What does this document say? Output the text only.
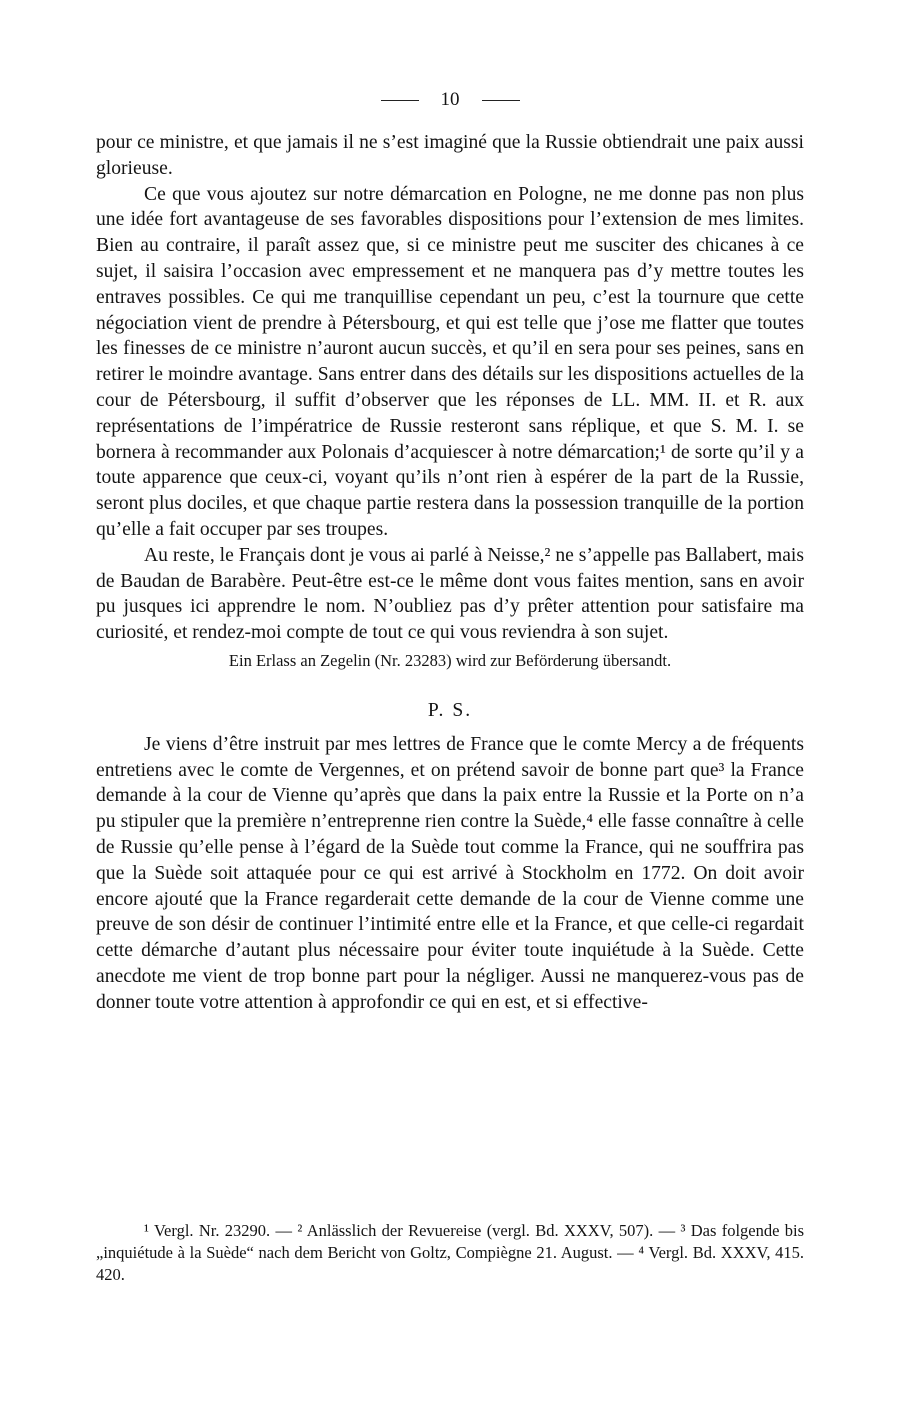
10

pour ce ministre, et que jamais il ne s’est imaginé que la Russie obtiendrait une paix aussi glorieuse.

Ce que vous ajoutez sur notre démarcation en Pologne, ne me donne pas non plus une idée fort avantageuse de ses favorables dispositions pour l’extension de mes limites. Bien au contraire, il paraît assez que, si ce ministre peut me susciter des chicanes à ce sujet, il saisira l’occasion avec empressement et ne manquera pas d’y mettre toutes les entraves possibles. Ce qui me tranquillise cependant un peu, c’est la tournure que cette négociation vient de prendre à Pétersbourg, et qui est telle que j’ose me flatter que toutes les finesses de ce ministre n’auront aucun succès, et qu’il en sera pour ses peines, sans en retirer le moindre avantage. Sans entrer dans des détails sur les dispositions actuelles de la cour de Pétersbourg, il suffit d’observer que les réponses de LL. MM. II. et R. aux représentations de l’impératrice de Russie resteront sans réplique, et que S. M. I. se bornera à recommander aux Polonais d’acquiescer à notre démarcation;¹ de sorte qu’il y a toute apparence que ceux-ci, voyant qu’ils n’ont rien à espérer de la part de la Russie, seront plus dociles, et que chaque partie restera dans la possession tranquille de la portion qu’elle a fait occuper par ses troupes.

Au reste, le Français dont je vous ai parlé à Neisse,² ne s’appelle pas Ballabert, mais de Baudan de Barabère. Peut-être est-ce le même dont vous faites mention, sans en avoir pu jusques ici apprendre le nom. N’oubliez pas d’y prêter attention pour satisfaire ma curiosité, et rendez-moi compte de tout ce qui vous reviendra à son sujet.

Ein Erlass an Zegelin (Nr. 23283) wird zur Beförderung übersandt.

P. S.

Je viens d’être instruit par mes lettres de France que le comte Mercy a de fréquents entretiens avec le comte de Vergennes, et on prétend savoir de bonne part que³ la France demande à la cour de Vienne qu’après que dans la paix entre la Russie et la Porte on n’a pu stipuler que la première n’entreprenne rien contre la Suède,⁴ elle fasse connaître à celle de Russie qu’elle pense à l’égard de la Suède tout comme la France, qui ne souffrira pas que la Suède soit attaquée pour ce qui est arrivé à Stockholm en 1772. On doit avoir encore ajouté que la France regarderait cette demande de la cour de Vienne comme une preuve de son désir de continuer l’intimité entre elle et la France, et que celle-ci regardait cette démarche d’autant plus nécessaire pour éviter toute inquiétude à la Suède. Cette anecdote me vient de trop bonne part pour la négliger. Aussi ne manquerez-vous pas de donner toute votre attention à approfondir ce qui en est, et si effective-

¹ Vergl. Nr. 23290. — ² Anlässlich der Revuereise (vergl. Bd. XXXV, 507). — ³ Das folgende bis „inquiétude à la Suède“ nach dem Bericht von Goltz, Compiègne 21. August. — ⁴ Vergl. Bd. XXXV, 415. 420.
